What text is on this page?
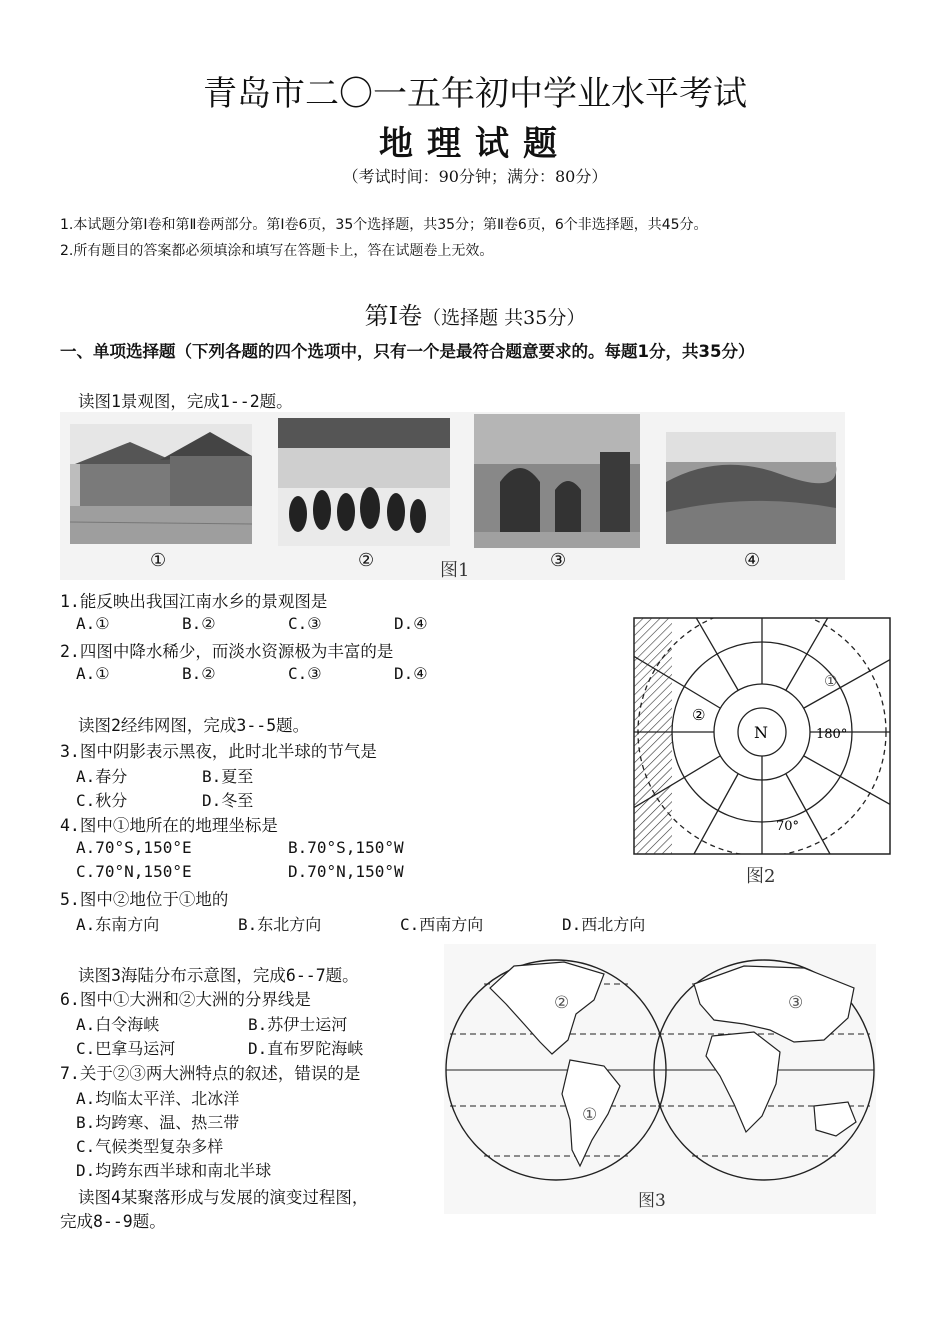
青岛市二〇一五年初中学业水平考试
地理试题
（考试时间：90分钟；满分：80分）
1.本试题分第Ⅰ卷和第Ⅱ卷两部分。第Ⅰ卷6页，35个选择题，共35分；第Ⅱ卷6页，6个非选择题，共45分。
2.所有题目的答案都必须填涂和填写在答题卡上，答在试题卷上无效。
第Ⅰ卷（选择题 共35分）
一、单项选择题（下列各题的四个选项中，只有一个是最符合题意要求的。每题1分，共35分）
读图1景观图，完成1--2题。
①	②	③	④
图1
1.能反映出我国江南水乡的景观图是
A.①	B.②	C.③	D.④
2.四图中降水稀少，而淡水资源极为丰富的是
A.①	B.②	C.③	D.④
读图2经纬网图，完成3--5题。
3.图中阴影表示黑夜，此时北半球的节气是
A.春分	B.夏至
C.秋分	D.冬至
4.图中①地所在的地理坐标是
A.70°S,150°E	B.70°S,150°W
C.70°N,150°E	D.70°N,150°W
5.图中②地位于①地的
A.东南方向	B.东北方向	C.西南方向	D.西北方向
N	180°
70°
①
②
图2
读图3海陆分布示意图，完成6--7题。
6.图中①大洲和②大洲的分界线是
A.白令海峡	B.苏伊士运河
C.巴拿马运河	D.直布罗陀海峡
7.关于②③两大洲特点的叙述，错误的是
A.均临太平洋、北冰洋
B.均跨寒、温、热三带
C.气候类型复杂多样
D.均跨东西半球和南北半球
读图4某聚落形成与发展的演变过程图，
完成8--9题。
②
①
③
图3
